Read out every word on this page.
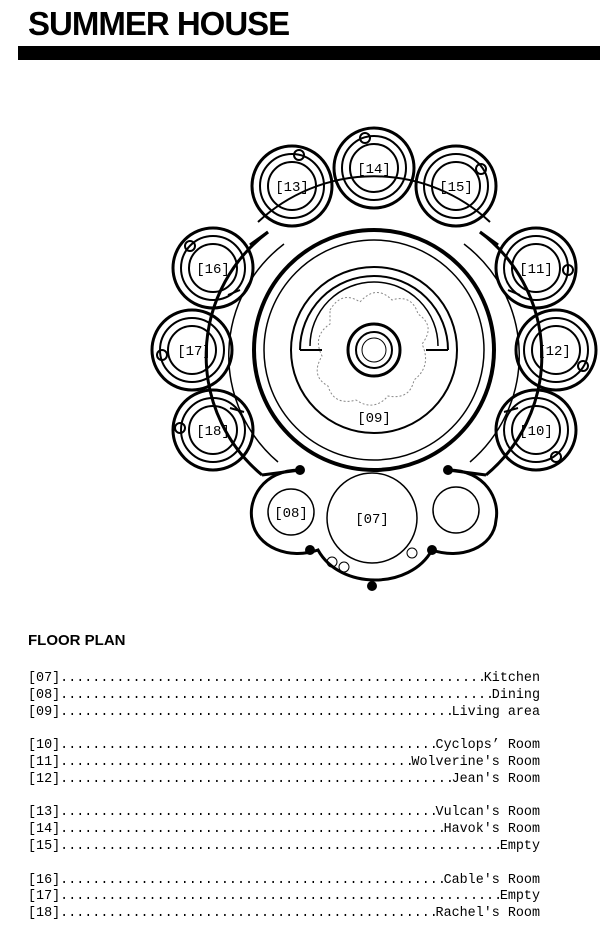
SUMMER HOUSE
[13]
[14]
[15]
[16]
[17]
[18]
[11]
[12]
[10]
[09]
[08]	[07]
FLOOR PLAN
[07] .....	Kitchen
[08] .....	Dining
[09] .....	Living area
[10] .....	Cyclops’ Room
[11] .....	Wolverine's Room
[12] .....	Jean's Room
[13] .....	Vulcan's Room
[14] .....	Havok's Room
[15] .....	Empty
[16] .....	Cable's Room
[17] .....	Empty
[18] .....	Rachel's Room
